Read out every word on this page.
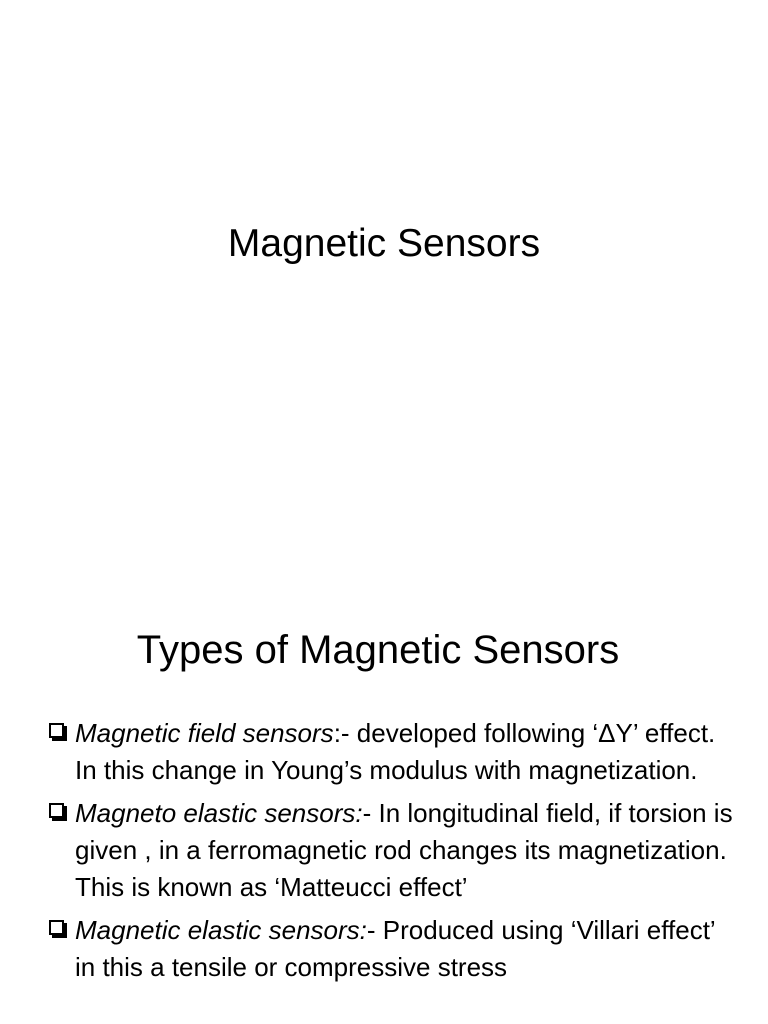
Magnetic Sensors
Types of Magnetic Sensors
Magnetic field sensors:- developed following ‘ΔY’ effect. In this change in Young’s modulus with magnetization.
Magneto elastic sensors:- In longitudinal field, if torsion is given , in a ferromagnetic rod changes its magnetization. This is known as ‘Matteucci effect’
Magnetic elastic sensors:- Produced using ‘Villari effect’ in this a tensile or compressive stress
